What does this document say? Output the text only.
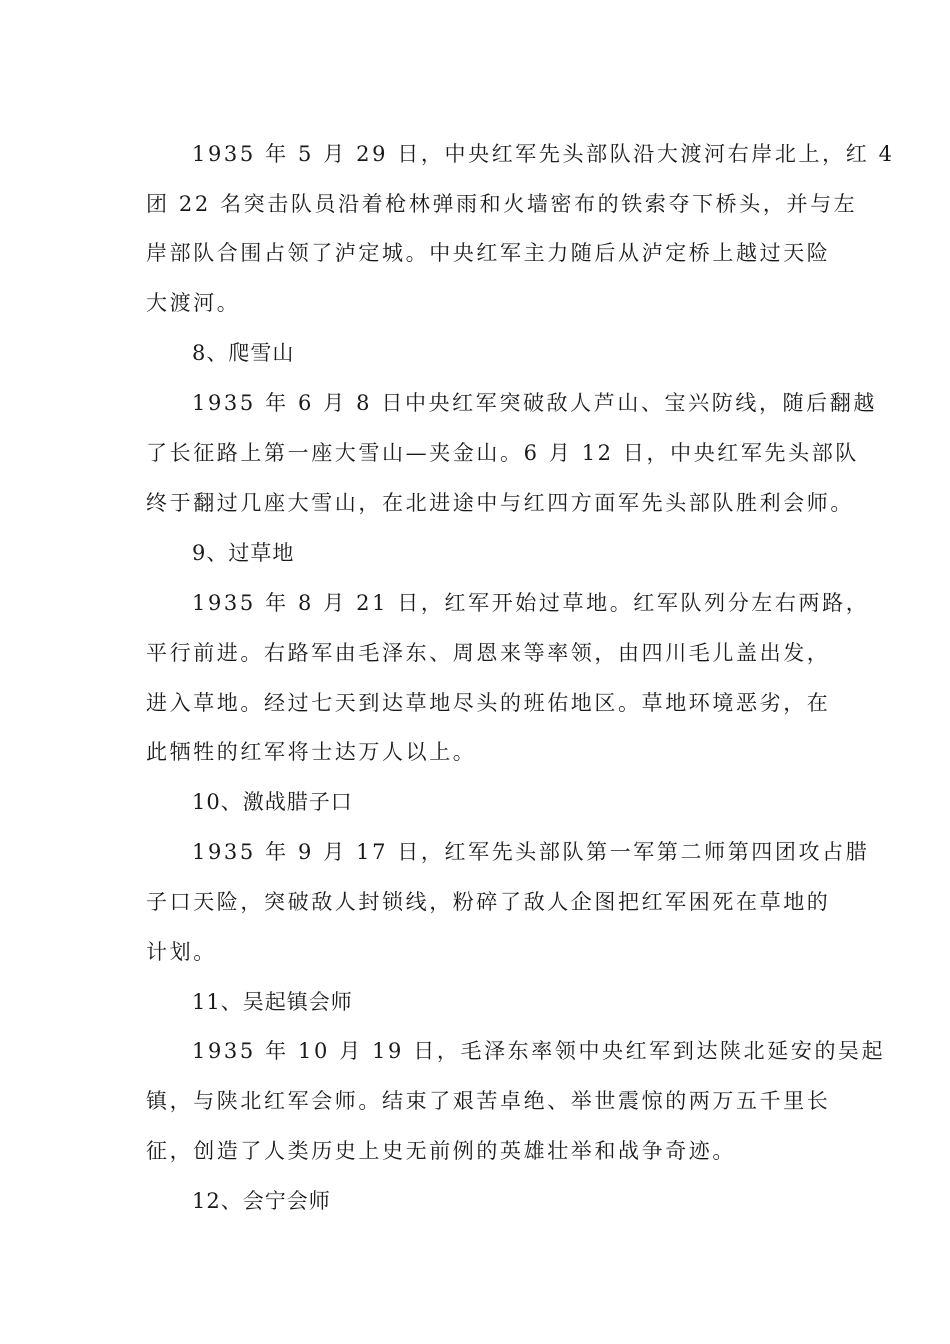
1935 年 5 月 29 日，中央红军先头部队沿大渡河右岸北上，红 4

团 22 名突击队员沿着枪林弹雨和火墙密布的铁索夺下桥头，并与左

岸部队合围占领了泸定城。中央红军主力随后从泸定桥上越过天险

大渡河。

8、爬雪山

1935 年 6 月 8 日中央红军突破敌人芦山、宝兴防线，随后翻越

了长征路上第一座大雪山—夹金山。6 月 12 日，中央红军先头部队

终于翻过几座大雪山，在北进途中与红四方面军先头部队胜利会师。

9、过草地

1935 年 8 月 21 日，红军开始过草地。红军队列分左右两路，

平行前进。右路军由毛泽东、周恩来等率领，由四川毛儿盖出发，

进入草地。经过七天到达草地尽头的班佑地区。草地环境恶劣，在

此牺牲的红军将士达万人以上。

10、激战腊子口

1935 年 9 月 17 日，红军先头部队第一军第二师第四团攻占腊

子口天险，突破敌人封锁线，粉碎了敌人企图把红军困死在草地的

计划。

11、吴起镇会师

1935 年 10 月 19 日，毛泽东率领中央红军到达陕北延安的吴起

镇，与陕北红军会师。结束了艰苦卓绝、举世震惊的两万五千里长

征，创造了人类历史上史无前例的英雄壮举和战争奇迹。

12、会宁会师
